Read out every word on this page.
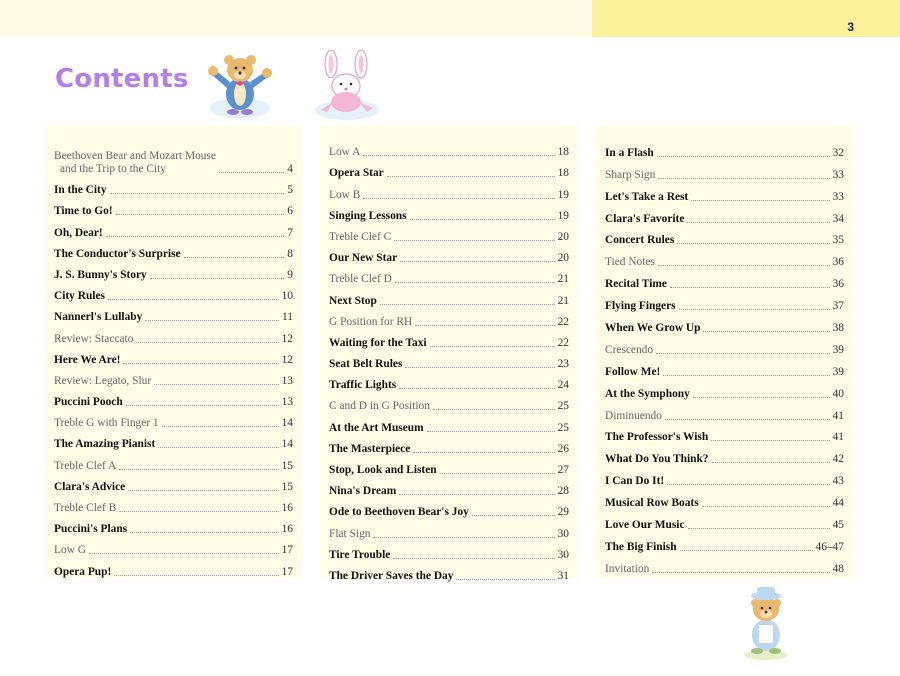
3
Contents
Beethoven Bear and Mozart Mouse
and the Trip to the City	4
In the City	5
Time to Go!	6
Oh, Dear!	7
The Conductor's Surprise	8
J. S. Bunny's Story	9
City Rules	10
Nannerl's Lullaby	11
Review: Staccato	12
Here We Are!	12
Review: Legato, Slur	13
Puccini Pooch	13
Treble G with Finger 1	14
The Amazing Pianist	14
Treble Clef A	15
Clara's Advice	15
Treble Clef B	16
Puccini's Plans	16
Low G	17
Opera Pup!	17
Low A	18
Opera Star	18
Low B	19
Singing Lessons	19
Treble Clef C	20
Our New Star	20
Treble Clef D	21
Next Stop	21
G Position for RH	22
Waiting for the Taxi	22
Seat Belt Rules	23
Traffic Lights	24
C and D in G Position	25
At the Art Museum	25
The Masterpiece	26
Stop, Look and Listen	27
Nina's Dream	28
Ode to Beethoven Bear's Joy	29
Flat Sign	30
Tire Trouble	30
The Driver Saves the Day	31
In a Flash	32
Sharp Sign	33
Let's Take a Rest	33
Clara's Favorite	34
Concert Rules	35
Tied Notes	36
Recital Time	36
Flying Fingers	37
When We Grow Up	38
Crescendo	39
Follow Me!	39
At the Symphony	40
Diminuendo	41
The Professor's Wish	41
What Do You Think?	42
I Can Do It!	43
Musical Row Boats	44
Love Our Music	45
The Big Finish	46–47
Invitation	48
